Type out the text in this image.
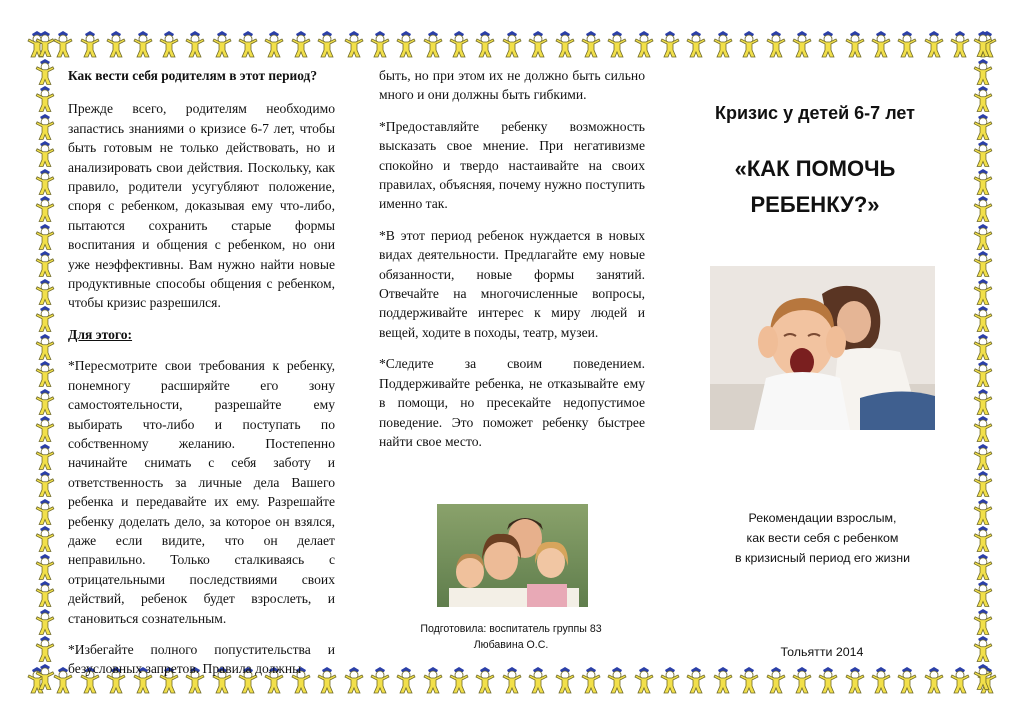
Как вести себя родителям в этот период?

Прежде всего, родителям необходимо запастись знаниями о кризисе 6-7 лет, чтобы быть готовым не только действовать, но и анализировать свои действия. Поскольку, как правило, родители усугубляют положение, споря с ребенком, доказывая ему что-либо, пытаются сохранить старые формы воспитания и общения с ребенком, но они уже неэффективны. Вам нужно найти новые продуктивные способы общения с ребенком, чтобы кризис разрешился.

Для этого:

*Пересмотрите свои требования к ребенку, понемногу расширяйте его зону самостоятельности, разрешайте ему выбирать что-либо и поступать по собственному желанию. Постепенно начинайте снимать с себя заботу и ответственность за личные дела Вашего ребенка и передавайте их ему. Разрешайте ребенку доделать дело, за которое он взялся, даже если видите, что он делает неправильно. Только сталкиваясь с отрицательными последствиями своих действий, ребенок будет взрослеть, и становиться сознательным.

*Избегайте полного попустительства и безусловных запретов. Правила должны

быть, но при этом их не должно быть сильно много и они должны быть гибкими.

*Предоставляйте ребенку возможность высказать свое мнение. При негативизме спокойно и твердо настаивайте на своих правилах, объясняя, почему нужно поступить именно так.

*В этот период ребенок нуждается в новых видах деятельности. Предлагайте ему новые обязанности, новые формы занятий. Отвечайте на многочисленные вопросы, поддерживайте интерес к миру людей и вещей, ходите в походы, театр, музеи.

*Следите за своим поведением. Поддерживайте ребенка, не отказывайте ему в помощи, но пресекайте недопустимое поведение. Это поможет ребенку быстрее найти свое место.

Подготовила: воспитатель группы 83
Любавина О.С.
Кризис у детей 6-7 лет
«КАК ПОМОЧЬ
РЕБЕНКУ?»
Рекомендации взрослым,
как вести себя с ребенком
в кризисный период его жизни
Тольятти 2014
